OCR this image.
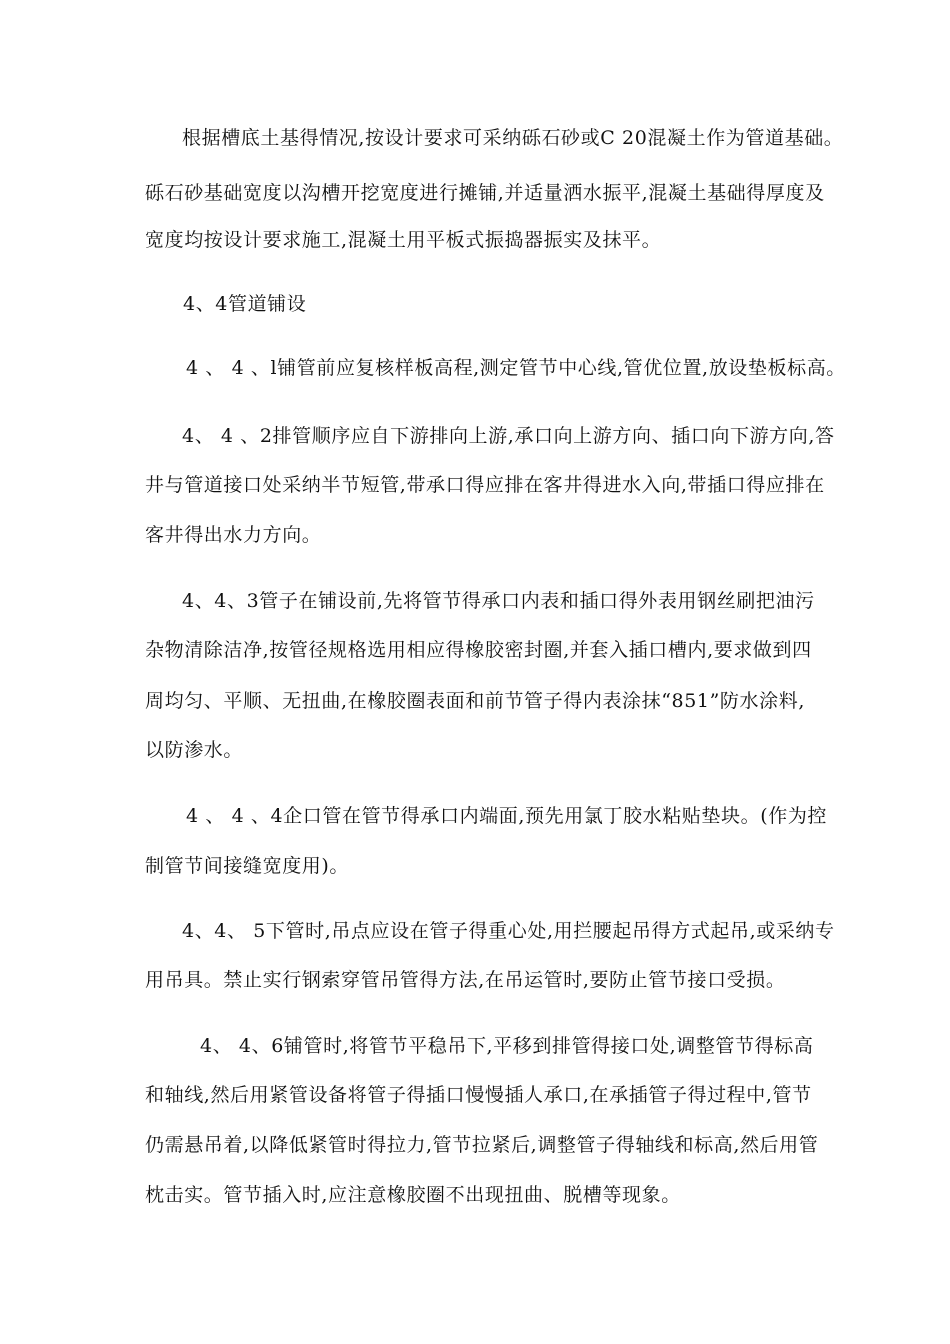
根据槽底土基得情况,按设计要求可采纳砾石砂或C 20混凝土作为管道基础。
砾石砂基础宽度以沟槽开挖宽度进行摊铺,并适量洒水振平,混凝土基础得厚度及
宽度均按设计要求施工,混凝土用平板式振捣器振实及抹平。
4、4管道铺设
4 、 4 、l铺管前应复核样板高程,测定管节中心线,管优位置,放设垫板标高。
4、 4 、2排管顺序应自下游排向上游,承口向上游方向、插口向下游方向,答
井与管道接口处采纳半节短管,带承口得应排在客井得进水入向,带插口得应排在
客井得出水力方向。
4、4、3管子在铺设前,先将管节得承口内表和插口得外表用钢丝刷把油污
杂物清除洁净,按管径规格选用相应得橡胶密封圈,并套入插口槽内,要求做到四
周均匀、平顺、无扭曲,在橡胶圈表面和前节管子得内表涂抹“851”防水涂料,
以防渗水。
4 、 4 、4企口管在管节得承口内端面,预先用氯丁胶水粘贴垫块。(作为控
制管节间接缝宽度用)。
4、4、 5下管时,吊点应设在管子得重心处,用拦腰起吊得方式起吊,或采纳专
用吊具。禁止实行钢索穿管吊管得方法,在吊运管时,要防止管节接口受损。
4、 4、6铺管时,将管节平稳吊下,平移到排管得接口处,调整管节得标高
和轴线,然后用紧管设备将管子得插口慢慢插人承口,在承插管子得过程中,管节
仍需悬吊着,以降低紧管时得拉力,管节拉紧后,调整管子得轴线和标高,然后用管
枕击实。管节插入时,应注意橡胶圈不出现扭曲、脱槽等现象。
